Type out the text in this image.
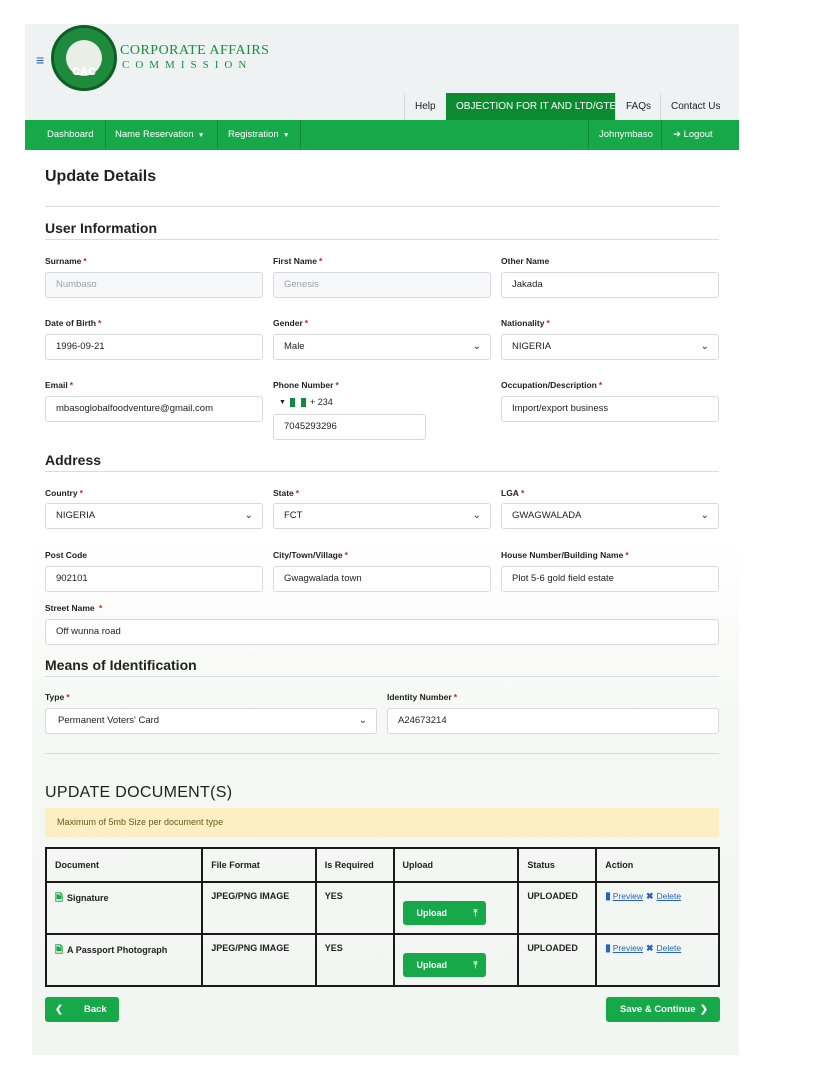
≡
CAC
CORPORATE AFFAIRS
COMMISSION
Help	OBJECTION FOR IT AND LTD/GTE FAQs	Contact Us
Dashboard Name Reservation ▼ Registration ▼	Johnymbaso ➜ Logout
Update Details
User Information
Surname *
Numbaso
First Name *
Genesis
Other Name
Jakada
Date of Birth *
1996-09-21
Gender *
Male	⌄
Nationality *
NIGERIA	⌄
Email *
mbasoglobalfoodventure@gmail.com
Phone Number *
▼	+ 234
7045293296
Occupation/Description *
Import/export business
Address
Country *
NIGERIA	⌄
State *
FCT	⌄
LGA *
GWAGWALADA	⌄
Post Code
902101
City/Town/Village *
Gwagwalada town
House Number/Building Name *
Plot 5-6 gold field estate
Street Name *
Off wunna road
Means of Identification
Type *
Permanent Voters' Card	⌄
Identity Number *
A24673214
UPDATE DOCUMENT(S)
Maximum of 5mb Size per document type
Document	File Format	Is Required	Upload	Status	Action
🗎 Signature	JPEG/PNG IMAGE	YES	Upload ⤒	UPLOADED	▮ Preview ✖ Delete
🗎 A Passport Photograph	JPEG/PNG IMAGE	YES	Upload ⤒	UPLOADED	▮ Preview ✖ Delete
❮ Back	Save & Continue ❯
